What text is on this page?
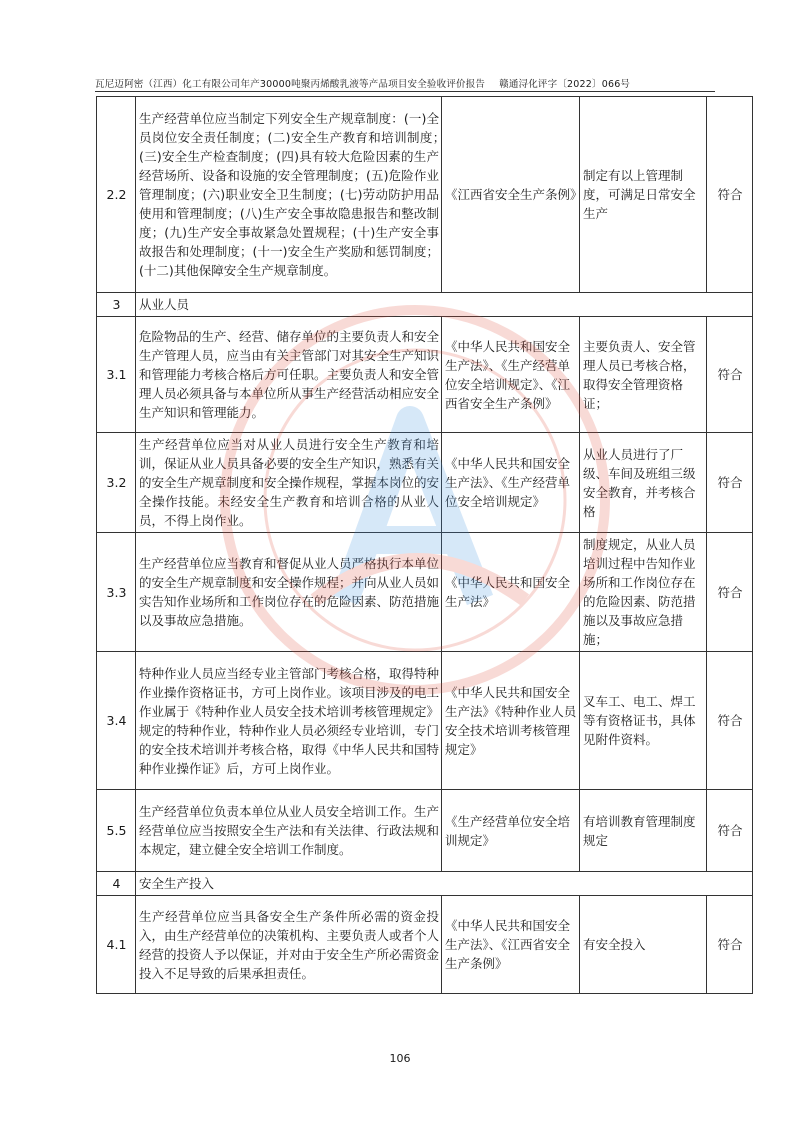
瓦尼迈阿密（江西）化工有限公司年产30000吨聚丙烯酸乳液等产品项目安全验收评价报告 赣通浔化评字〔2022〕066号
2.2	生产经营单位应当制定下列安全生产规章制度：(一)全员岗位安全责任制度；(二)安全生产教育和培训制度；　(三)安全生产检查制度；(四)具有较大危险因素的生产经营场所、设备和设施的安全管理制度；(五)危险作业管理制度；(六)职业安全卫生制度；(七)劳动防护用品使用和管理制度；(八)生产安全事故隐患报告和整改制度；(九)生产安全事故紧急处置规程；(十)生产安全事故报告和处理制度；(十一)安全生产奖励和惩罚制度；(十二)其他保障安全生产规章制度。	《江西省安全生产条例》	制定有以上管理制度，可满足日常安全生产	符合
3	从业人员			
3.1	危险物品的生产、经营、储存单位的主要负责人和安全生产管理人员，应当由有关主管部门对其安全生产知识和管理能力考核合格后方可任职。主要负责人和安全管理人员必须具备与本单位所从事生产经营活动相应安全生产知识和管理能力。	《中华人民共和国安全生产法》、《生产经营单位安全培训规定》、《江西省安全生产条例》	主要负责人、安全管理人员已考核合格，取得安全管理资格证；	符合
3.2	生产经营单位应当对从业人员进行安全生产教育和培训，保证从业人员具备必要的安全生产知识，熟悉有关的安全生产规章制度和安全操作规程，掌握本岗位的安全操作技能。未经安全生产教育和培训合格的从业人员，不得上岗作业。	《中华人民共和国安全生产法》、《生产经营单位安全培训规定》	从业人员进行了厂级、车间及班组三级安全教育，并考核合格	符合
3.3	生产经营单位应当教育和督促从业人员严格执行本单位的安全生产规章制度和安全操作规程；并向从业人员如实告知作业场所和工作岗位存在的危险因素、防范措施以及事故应急措施。	《中华人民共和国安全生产法》	制度规定，从业人员培训过程中告知作业场所和工作岗位存在的危险因素、防范措施以及事故应急措施；	符合
3.4	特种作业人员应当经专业主管部门考核合格，取得特种作业操作资格证书，方可上岗作业。该项目涉及的电工作业属于《特种作业人员安全技术培训考核管理规定》规定的特种作业，特种作业人员必须经专业培训，专门的安全技术培训并考核合格，取得《中华人民共和国特种作业操作证》后，方可上岗作业。	《中华人民共和国安全生产法》《特种作业人员安全技术培训考核管理规定》	叉车工、电工、焊工等有资格证书，具体见附件资料。	符合
5.5	生产经营单位负责本单位从业人员安全培训工作。生产经营单位应当按照安全生产法和有关法律、行政法规和本规定，建立健全安全培训工作制度。	《生产经营单位安全培训规定》	有培训教育管理制度规定	符合
4	安全生产投入			
4.1	生产经营单位应当具备安全生产条件所必需的资金投入，由生产经营单位的决策机构、主要负责人或者个人经营的投资人予以保证，并对由于安全生产所必需资金投入不足导致的后果承担责任。	《中华人民共和国安全生产法》、《江西省安全生产条例》	有安全投入	符合
106
